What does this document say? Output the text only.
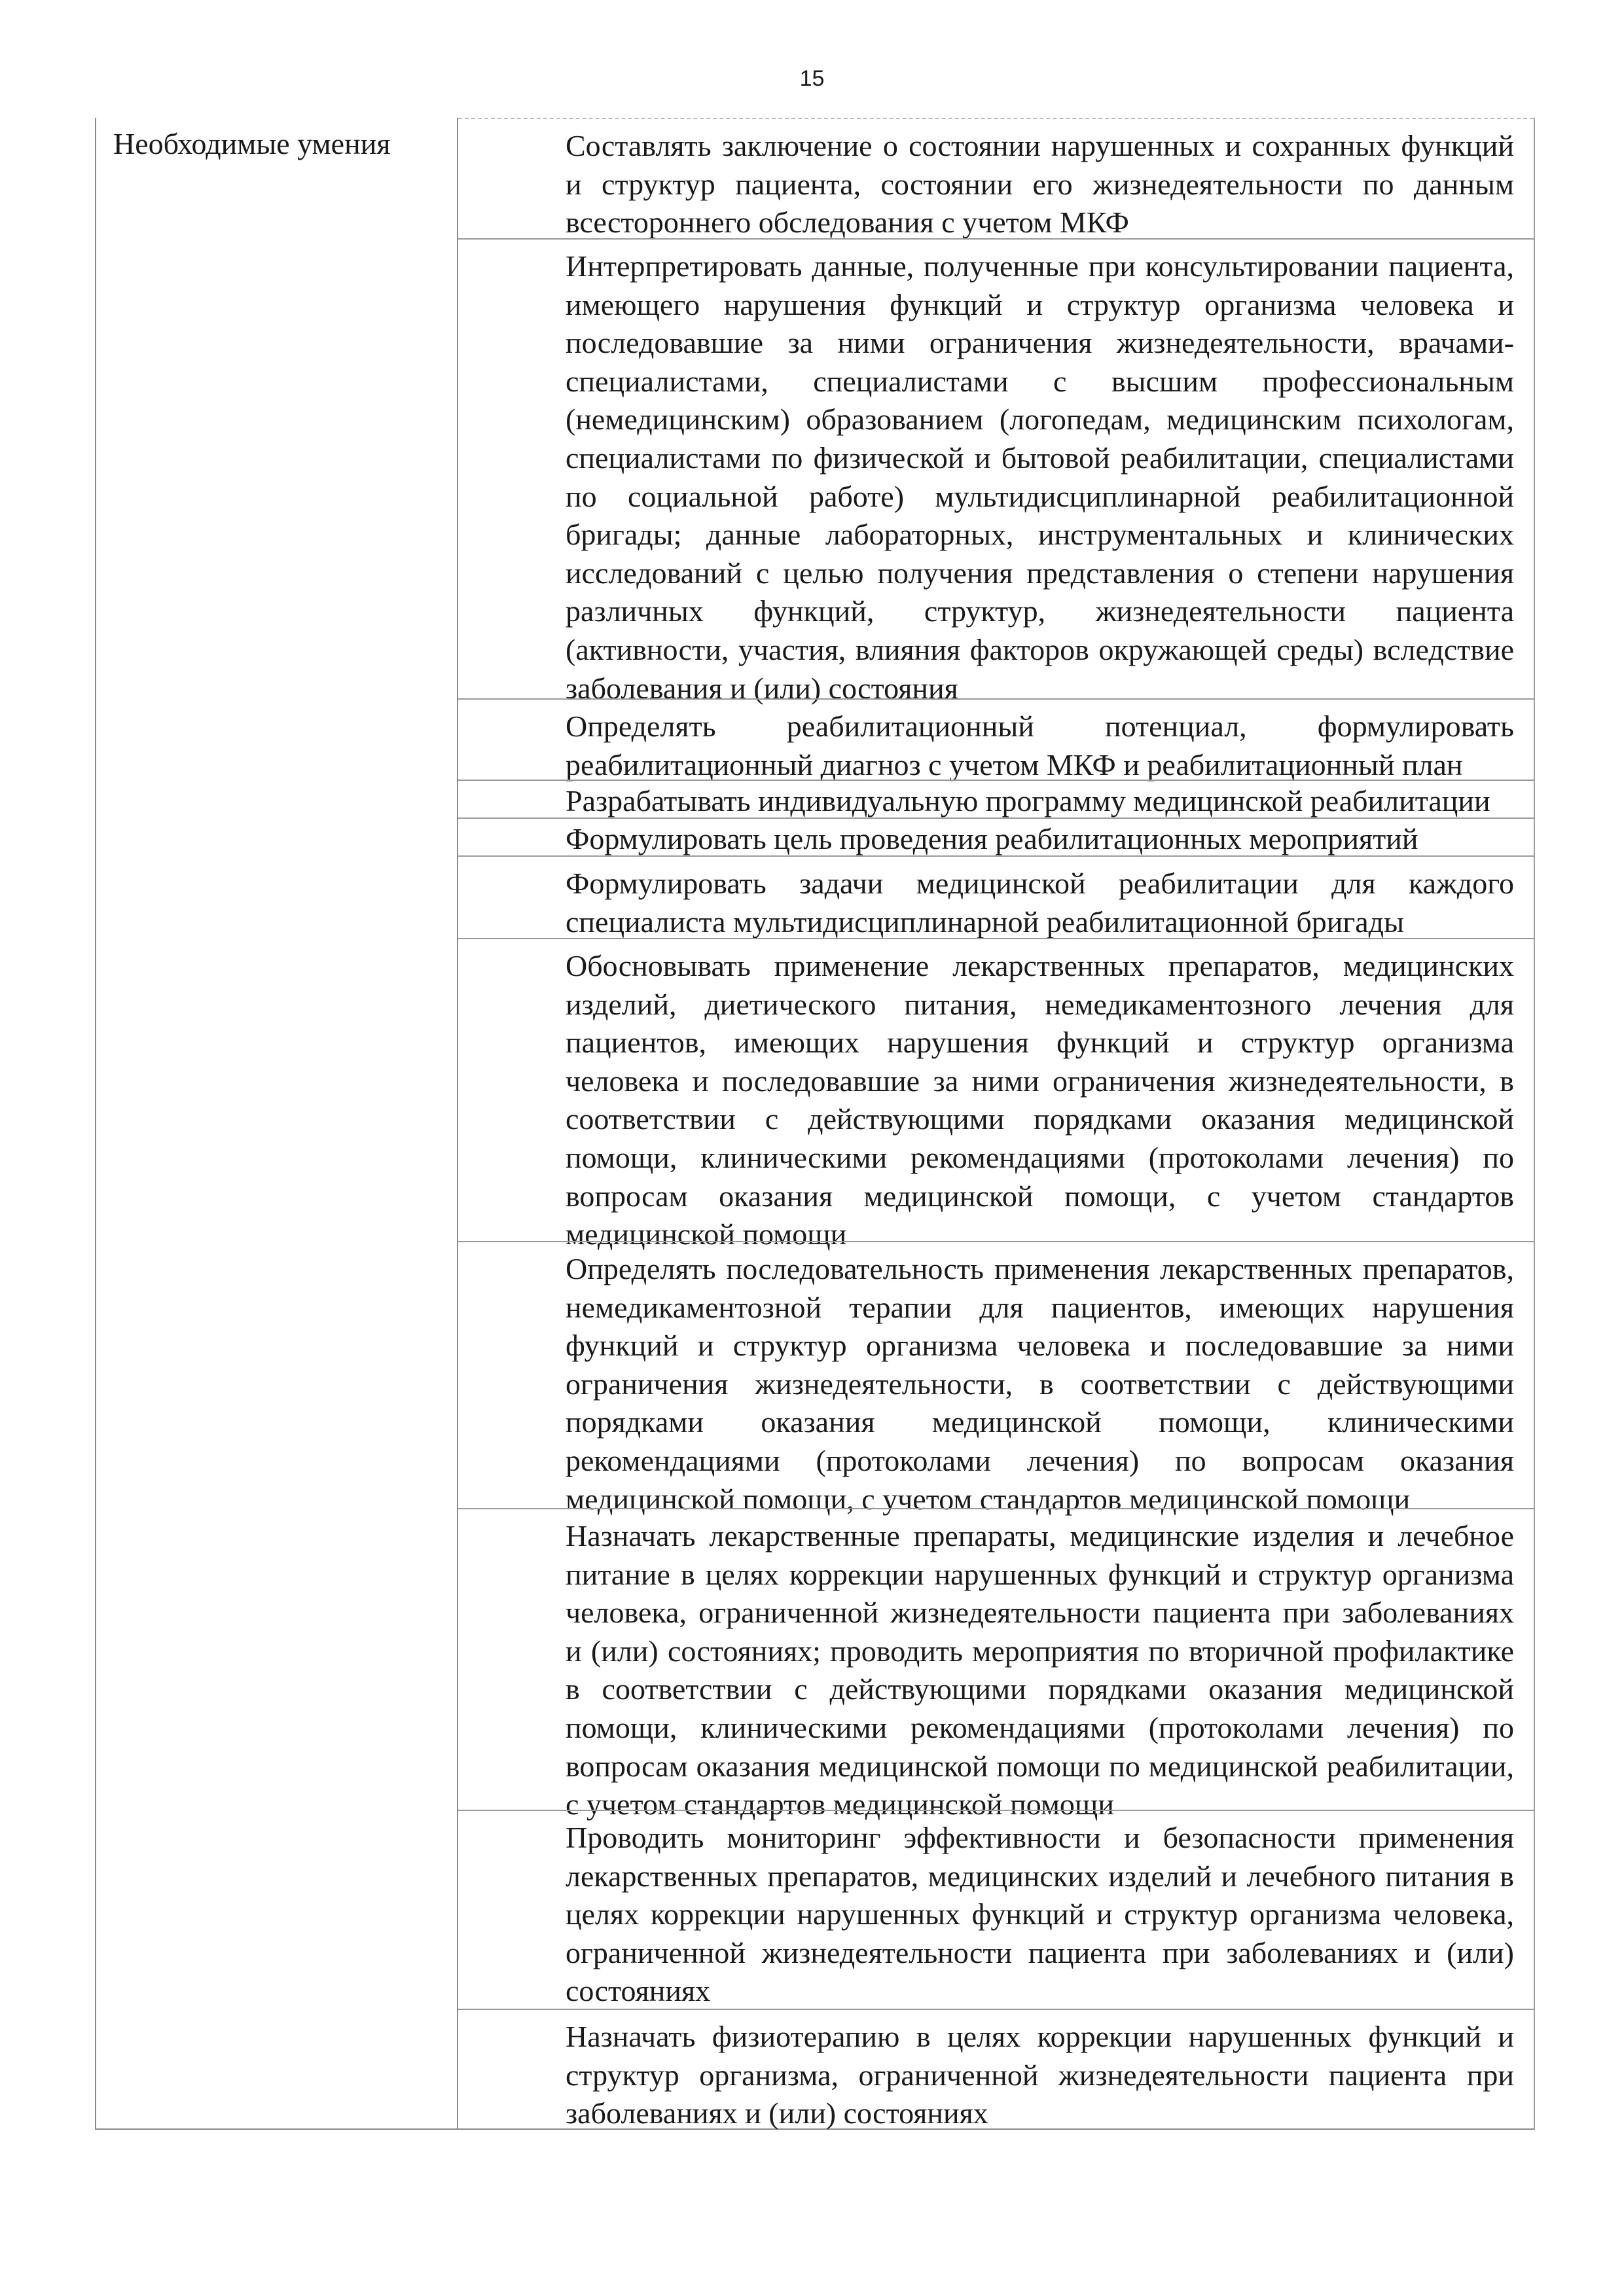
15
Необходимые умения	Составлять заключение о состоянии нарушенных и сохранных функций и структур пациента, состоянии его жизнедеятельности по данным всестороннего обследования с учетом МКФ
Интерпретировать данные, полученные при консультировании пациента, имеющего нарушения функций и структур организма человека и последовавшие за ними ограничения жизнедеятельности, врачами-специалистами, специалистами с высшим профессиональным (немедицинским) образованием (логопедам, медицинским психологам, специалистами по физической и бытовой реабилитации, специалистами по социальной работе) мультидисциплинарной реабилитационной бригады; данные лабораторных, инструментальных и клинических исследований с целью получения представления о степени нарушения различных функций, структур, жизнедеятельности пациента (активности, участия, влияния факторов окружающей среды) вследствие заболевания и (или) состояния
Определять реабилитационный потенциал, формулировать реабилитационный диагноз с учетом МКФ и реабилитационный план
Разрабатывать индивидуальную программу медицинской реабилитации
Формулировать цель проведения реабилитационных мероприятий
Формулировать задачи медицинской реабилитации для каждого специалиста мультидисциплинарной реабилитационной бригады
Обосновывать применение лекарственных препаратов, медицинских изделий, диетического питания, немедикаментозного лечения для пациентов, имеющих нарушения функций и структур организма человека и последовавшие за ними ограничения жизнедеятельности, в соответствии с действующими порядками оказания медицинской помощи, клиническими рекомендациями (протоколами лечения) по вопросам оказания медицинской помощи, с учетом стандартов медицинской помощи
Определять последовательность применения лекарственных препаратов, немедикаментозной терапии для пациентов, имеющих нарушения функций и структур организма человека и последовавшие за ними ограничения жизнедеятельности, в соответствии с действующими порядками оказания медицинской помощи, клиническими рекомендациями (протоколами лечения) по вопросам оказания медицинской помощи, с учетом стандартов медицинской помощи
Назначать лекарственные препараты, медицинские изделия и лечебное питание в целях коррекции нарушенных функций и структур организма человека, ограниченной жизнедеятельности пациента при заболеваниях и (или) состояниях; проводить мероприятия по вторичной профилактике в соответствии с действующими порядками оказания медицинской помощи, клиническими рекомендациями (протоколами лечения) по вопросам оказания медицинской помощи по медицинской реабилитации, с учетом стандартов медицинской помощи
Проводить мониторинг эффективности и безопасности применения лекарственных препаратов, медицинских изделий и лечебного питания в целях коррекции нарушенных функций и структур организма человека, ограниченной жизнедеятельности пациента при заболеваниях и (или) состояниях
Назначать физиотерапию в целях коррекции нарушенных функций и структур организма, ограниченной жизнедеятельности пациента при заболеваниях и (или) состояниях
